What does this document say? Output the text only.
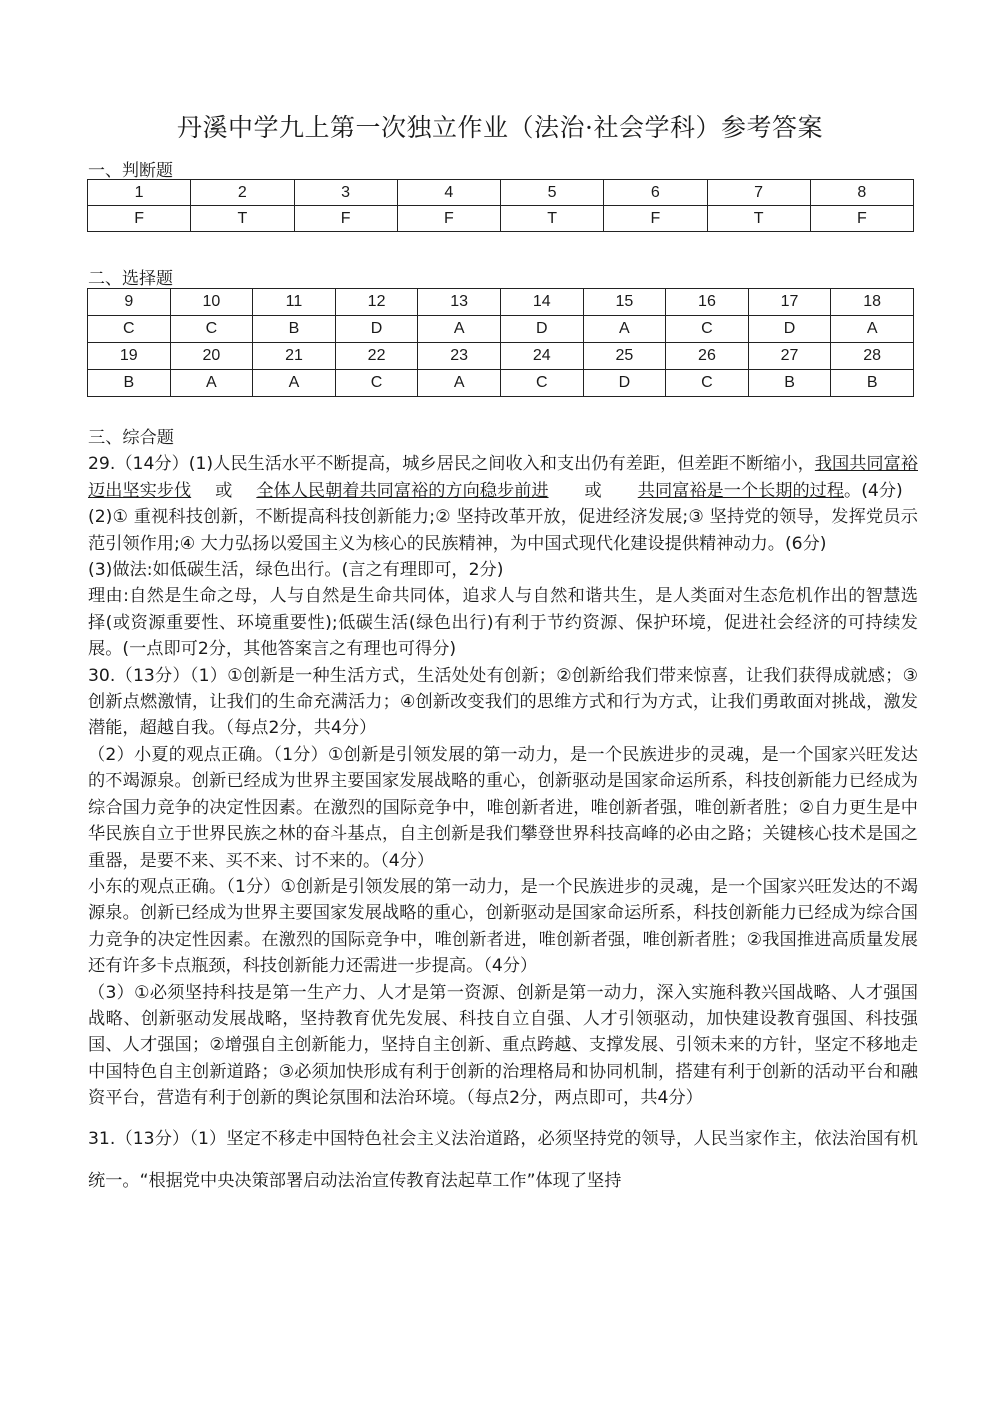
丹溪中学九上第一次独立作业（法治·社会学科）参考答案
一、判断题
1	2	3	4	5	6	7	8
F	T	F	F	T	F	T	F
二、选择题
9	10	11	12	13	14	15	16	17	18
C	C	B	D	A	D	A	C	D	A
19	20	21	22	23	24	25	26	27	28
B	A	A	C	A	C	D	C	B	B

三、综合题

29.（14分）(1)人民生活水平不断提高，城乡居民之间收入和支出仍有差距，但差距不断缩小，我国共同富裕迈出坚实步伐 或 全体人民朝着共同富裕的方向稳步前进 或 共同富裕是一个长期的过程。(4分)

(2)① 重视科技创新，不断提高科技创新能力;② 坚持改革开放，促进经济发展;③ 坚持党的领导，发挥党员示范引领作用;④ 大力弘扬以爱国主义为核心的民族精神，为中国式现代化建设提供精神动力。(6分)

(3)做法:如低碳生活，绿色出行。(言之有理即可，2分)

理由:自然是生命之母，人与自然是生命共同体，追求人与自然和谐共生，是人类面对生态危机作出的智慧选择(或资源重要性、环境重要性);低碳生活(绿色出行)有利于节约资源、保护环境，促进社会经济的可持续发展。(一点即可2分，其他答案言之有理也可得分)

30.（13分）（1）①创新是一种生活方式，生活处处有创新；②创新给我们带来惊喜，让我们获得成就感；③创新点燃激情，让我们的生命充满活力；④创新改变我们的思维方式和行为方式，让我们勇敢面对挑战，激发潜能，超越自我。（每点2分，共4分）

（2）小夏的观点正确。（1分）①创新是引领发展的第一动力，是一个民族进步的灵魂，是一个国家兴旺发达的不竭源泉。创新已经成为世界主要国家发展战略的重心，创新驱动是国家命运所系，科技创新能力已经成为综合国力竞争的决定性因素。在激烈的国际竞争中，唯创新者进，唯创新者强，唯创新者胜；②自力更生是中华民族自立于世界民族之林的奋斗基点，自主创新是我们攀登世界科技高峰的必由之路；关键核心技术是国之重器，是要不来、买不来、讨不来的。（4分）

小东的观点正确。（1分）①创新是引领发展的第一动力，是一个民族进步的灵魂，是一个国家兴旺发达的不竭源泉。创新已经成为世界主要国家发展战略的重心，创新驱动是国家命运所系，科技创新能力已经成为综合国力竞争的决定性因素。在激烈的国际竞争中，唯创新者进，唯创新者强，唯创新者胜；②我国推进高质量发展还有许多卡点瓶颈，科技创新能力还需进一步提高。（4分）

（3）①必须坚持科技是第一生产力、人才是第一资源、创新是第一动力，深入实施科教兴国战略、人才强国战略、创新驱动发展战略，坚持教育优先发展、科技自立自强、人才引领驱动，加快建设教育强国、科技强国、人才强国；②增强自主创新能力，坚持自主创新、重点跨越、支撑发展、引领未来的方针，坚定不移地走中国特色自主创新道路；③必须加快形成有利于创新的治理格局和协同机制，搭建有利于创新的活动平台和融资平台，营造有利于创新的舆论氛围和法治环境。（每点2分，两点即可，共4分）

31.（13分）（1）坚定不移走中国特色社会主义法治道路，必须坚持党的领导，人民当家作主，依法治国有机统一。“根据党中央决策部署启动法治宣传教育法起草工作”体现了坚持
